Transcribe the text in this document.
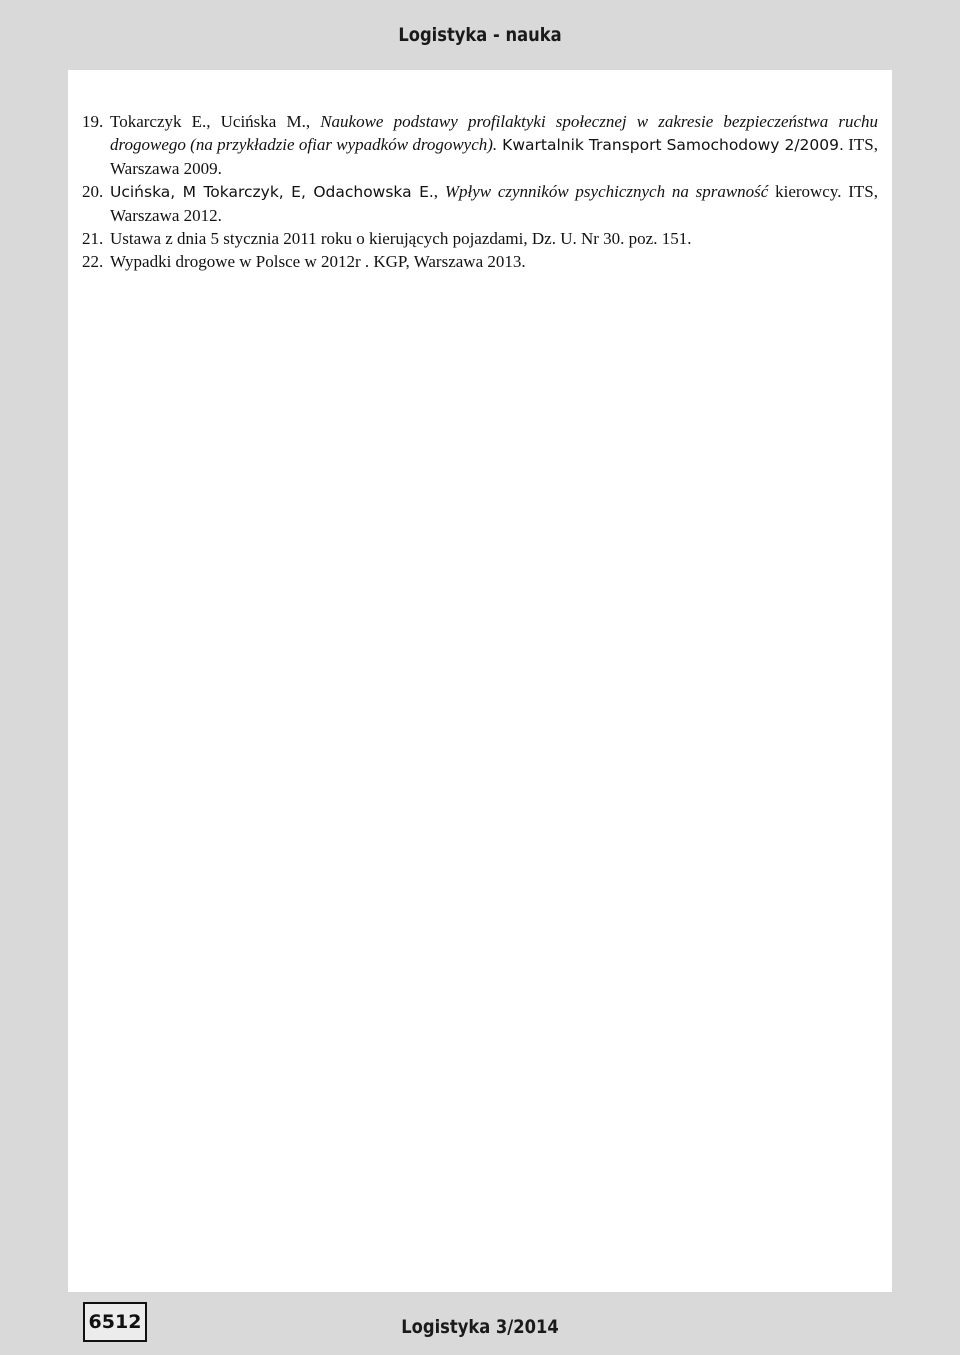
Logistyka - nauka
19. Tokarczyk E., Ucińska M., Naukowe podstawy profilaktyki społecznej w zakresie bezpieczeństwa ruchu drogowego (na przykładzie ofiar wypadków drogowych). Kwartalnik Transport Samochodowy 2/2009. ITS, Warszawa 2009.
20. Ucińska, M Tokarczyk, E, Odachowska E., Wpływ czynników psychicznych na sprawność kierowcy. ITS, Warszawa 2012.
21. Ustawa z dnia 5 stycznia 2011 roku o kierujących pojazdami, Dz. U. Nr 30. poz. 151.
22. Wypadki drogowe w Polsce w 2012r . KGP, Warszawa 2013.
6512	Logistyka 3/2014
